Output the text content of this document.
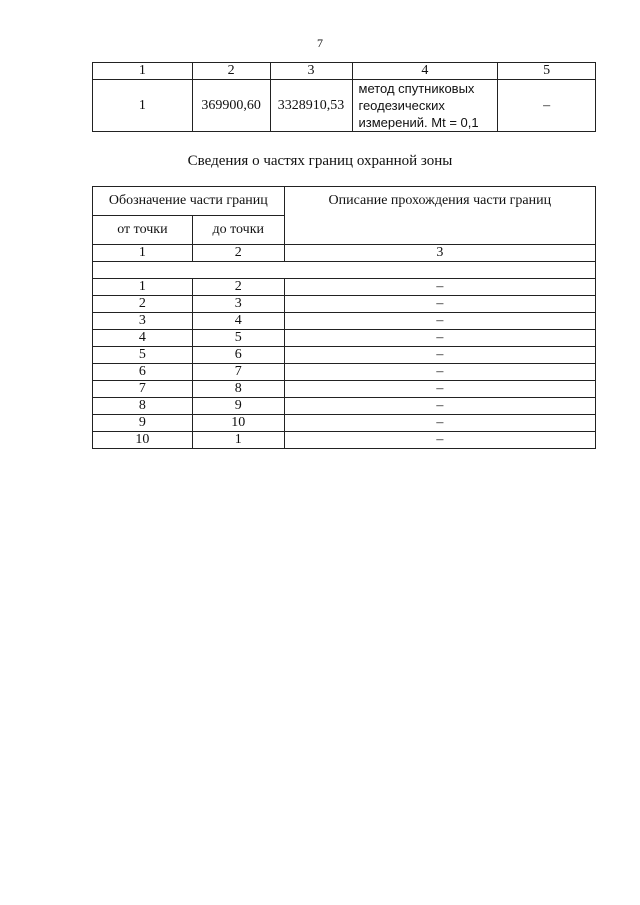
7
1	2	3	4	5
1	369900,60	3328910,53	метод спутниковых
геодезических
измерений. Mt = 0,1	–
Сведения о частях границ охранной зоны
Обозначение части границ		Описание прохождения части границ
от точки	до точки	
1	2	3

1	2	–
2	3	–
3	4	–
4	5	–
5	6	–
6	7	–
7	8	–
8	9	–
9	10	–
10	1	–
